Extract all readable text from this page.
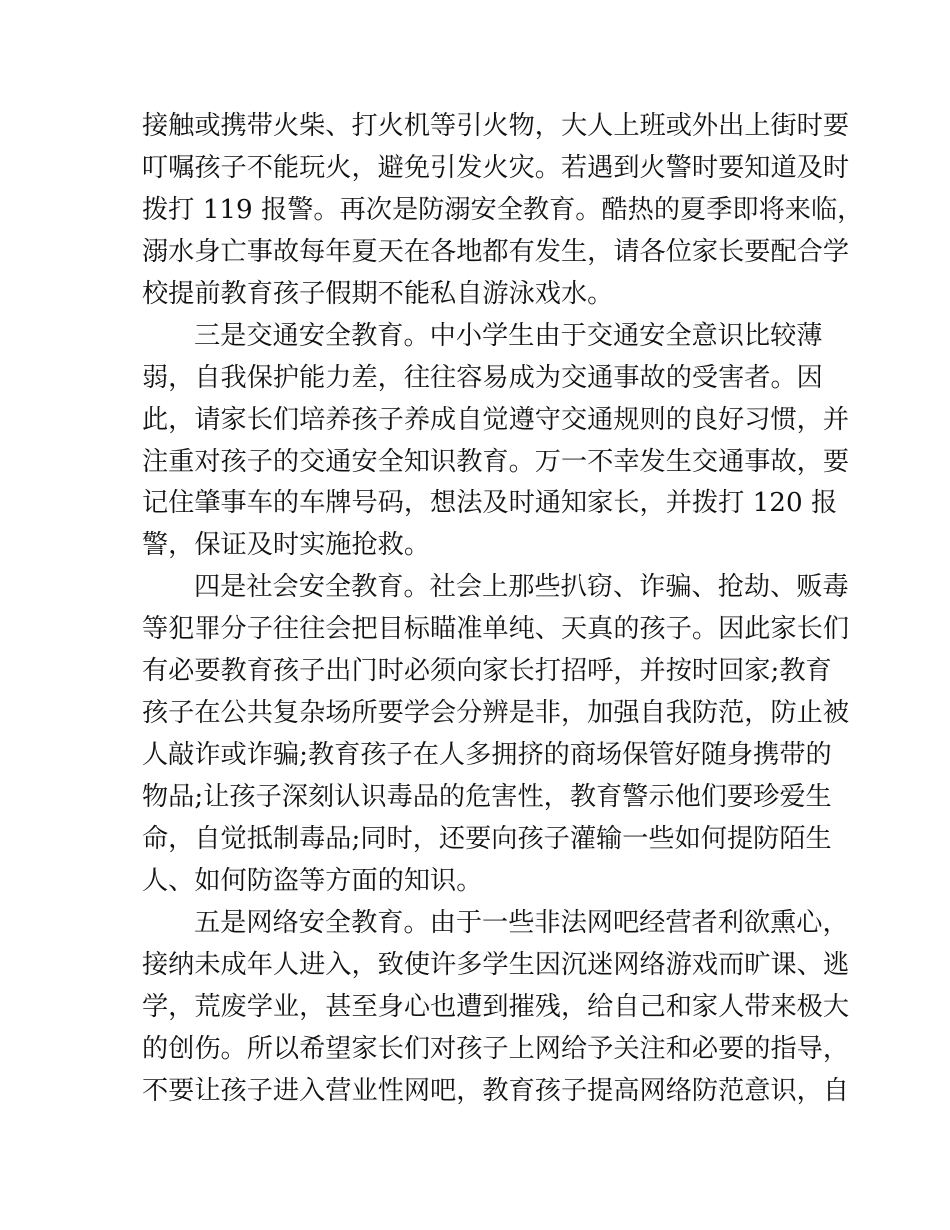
接触或携带火柴、打火机等引火物，大人上班或外出上街时要
叮嘱孩子不能玩火，避免引发火灾。若遇到火警时要知道及时
拨打 119 报警。再次是防溺安全教育。酷热的夏季即将来临，
溺水身亡事故每年夏天在各地都有发生，请各位家长要配合学
校提前教育孩子假期不能私自游泳戏水。
三是交通安全教育。中小学生由于交通安全意识比较薄
弱，自我保护能力差，往往容易成为交通事故的受害者。因
此，请家长们培养孩子养成自觉遵守交通规则的良好习惯，并
注重对孩子的交通安全知识教育。万一不幸发生交通事故，要
记住肇事车的车牌号码，想法及时通知家长，并拨打 120 报
警，保证及时实施抢救。
四是社会安全教育。社会上那些扒窃、诈骗、抢劫、贩毒
等犯罪分子往往会把目标瞄准单纯、天真的孩子。因此家长们
有必要教育孩子出门时必须向家长打招呼，并按时回家;教育
孩子在公共复杂场所要学会分辨是非，加强自我防范，防止被
人敲诈或诈骗;教育孩子在人多拥挤的商场保管好随身携带的
物品;让孩子深刻认识毒品的危害性，教育警示他们要珍爱生
命，自觉抵制毒品;同时，还要向孩子灌输一些如何提防陌生
人、如何防盗等方面的知识。
五是网络安全教育。由于一些非法网吧经营者利欲熏心，
接纳未成年人进入，致使许多学生因沉迷网络游戏而旷课、逃
学，荒废学业，甚至身心也遭到摧残，给自己和家人带来极大
的创伤。所以希望家长们对孩子上网给予关注和必要的指导，
不要让孩子进入营业性网吧，教育孩子提高网络防范意识，自
